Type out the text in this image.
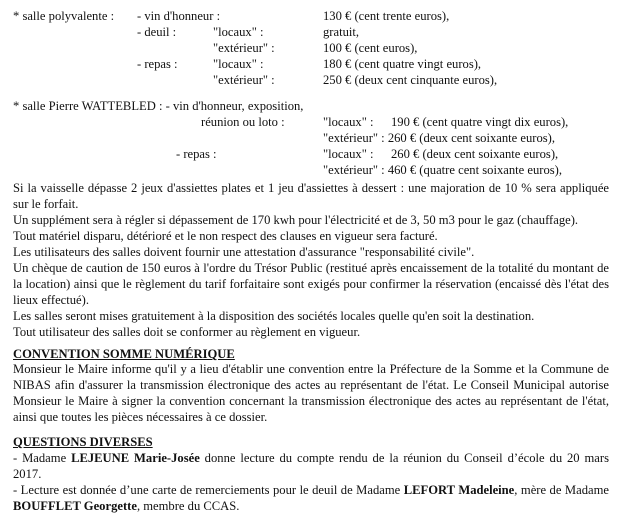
* salle polyvalente : - vin d'honneur :	130 € (cent trente euros),
- deuil :	"locaux" :	gratuit,
"extérieur" :	100 € (cent euros),
- repas :	"locaux" :	180 € (cent quatre vingt euros),
"extérieur" :	250 € (deux cent cinquante euros),
* salle Pierre WATTEBLED : - vin d'honneur, exposition,
réunion ou loto :	"locaux" : 190 € (cent quatre vingt dix euros),
"extérieur" : 260 € (deux cent soixante euros),
- repas :	"locaux" : 260 € (deux cent soixante euros),
"extérieur" : 460 € (quatre cent soixante euros),
Si la vaisselle dépasse 2 jeux d'assiettes plates et 1 jeu d'assiettes à dessert : une majoration de 10 % sera appliquée sur le forfait.
Un supplément sera à régler si dépassement de 170 kwh pour l'électricité et de 3, 50 m3 pour le gaz (chauffage).
Tout matériel disparu, détérioré et le non respect des clauses en vigueur sera facturé.
Les utilisateurs des salles doivent fournir une attestation d'assurance "responsabilité civile".
Un chèque de caution de 150 euros à l'ordre du Trésor Public (restitué après encaissement de la totalité du montant de la location) ainsi que le règlement du tarif forfaitaire sont exigés pour confirmer la réservation (encaissé dès l'état des lieux effectué).
Les salles seront mises gratuitement à la disposition des sociétés locales quelle qu'en soit la destination.
Tout utilisateur des salles doit se conformer au règlement en vigueur.
CONVENTION SOMME NUMÉRIQUE
Monsieur le Maire informe qu'il y a lieu d'établir une convention entre la Préfecture de la Somme et la Commune de NIBAS afin d'assurer la transmission électronique des actes au représentant de l'état. Le Conseil Municipal autorise Monsieur le Maire à signer la convention concernant la transmission électronique des actes au représentant de l'état, ainsi que toutes les pièces nécessaires à ce dossier.
QUESTIONS DIVERSES
- Madame LEJEUNE Marie-Josée donne lecture du compte rendu de la réunion du Conseil d’école du 20 mars 2017.
- Lecture est donnée d’une carte de remerciements pour le deuil de Madame LEFORT Madeleine, mère de Madame BOUFFLET Georgette, membre du CCAS.
